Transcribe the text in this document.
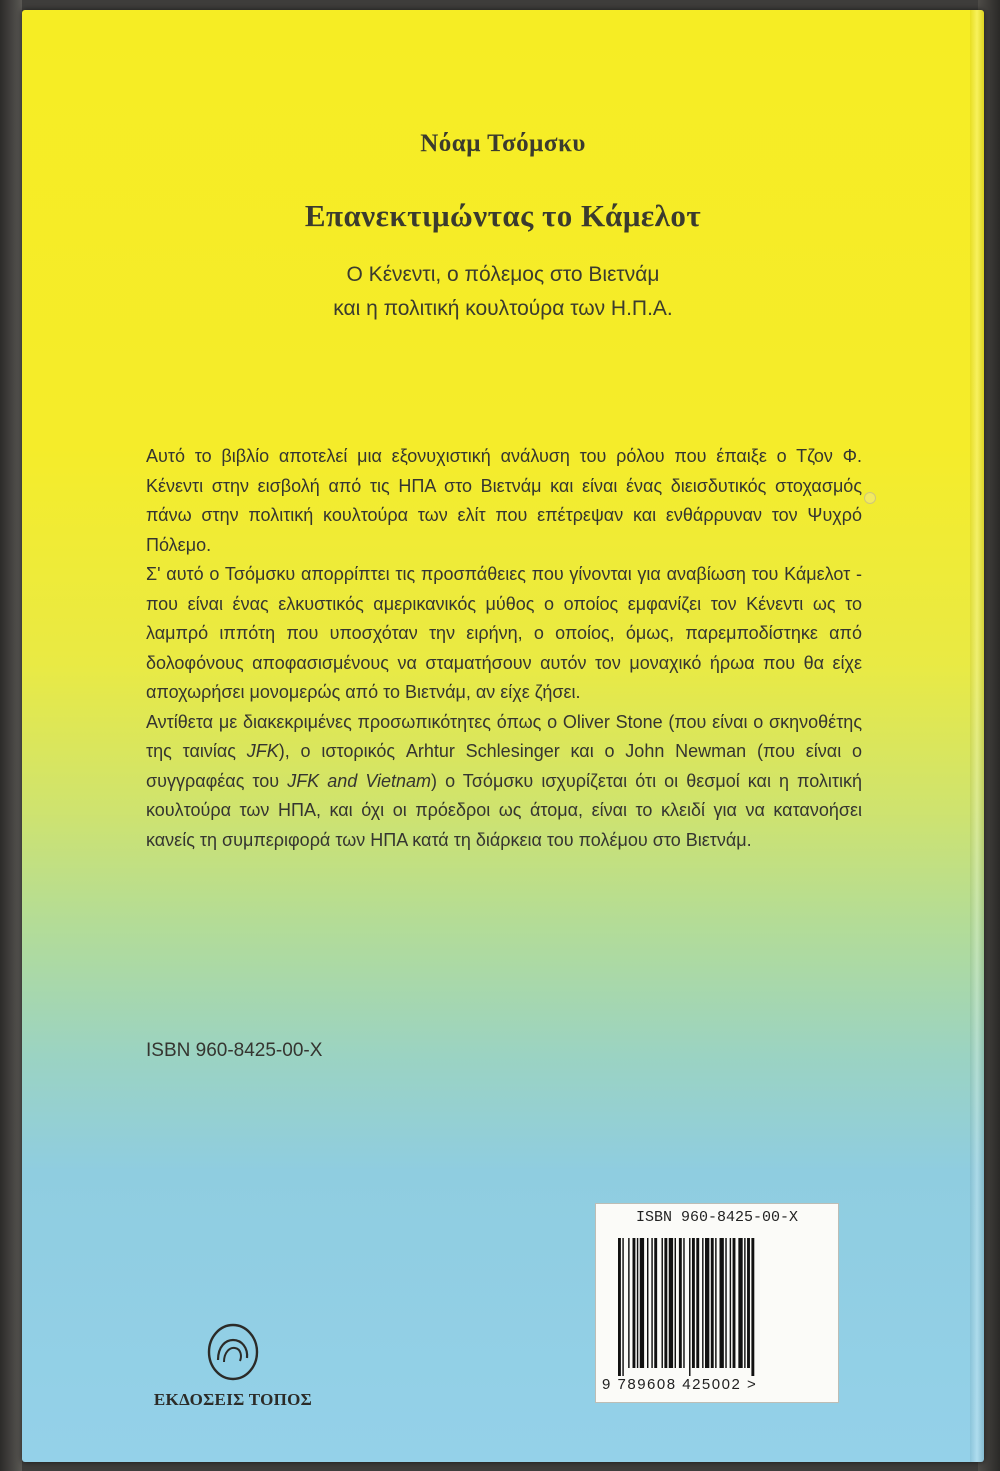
Νόαμ Τσόμσκυ
Επανεκτιμώντας το Κάμελοτ
Ο Κένεντι, ο πόλεμος στο Βιετνάμ
και η πολιτική κουλτούρα των Η.Π.Α.

Αυτό το βιβλίο αποτελεί μια εξονυχιστική ανάλυση του ρόλου που έπαιξε ο Τζον Φ. Κένεντι στην εισβολή από τις ΗΠΑ στο Βιετνάμ και είναι ένας διεισδυτικός στοχασμός πάνω στην πολιτική κουλτούρα των ελίτ που επέτρεψαν και ενθάρρυναν τον Ψυχρό Πόλεμο.

Σ' αυτό ο Τσόμσκυ απορρίπτει τις προσπάθειες που γίνονται για αναβίωση του Κάμελοτ - που είναι ένας ελκυστικός αμερικανικός μύθος ο οποίος εμφανίζει τον Κένεντι ως το λαμπρό ιππότη που υποσχόταν την ειρήνη, ο οποίος, όμως, παρεμποδίστηκε από δολοφόνους αποφασισμένους να σταματήσουν αυτόν τον μοναχικό ήρωα που θα είχε αποχωρήσει μονομερώς από το Βιετνάμ, αν είχε ζήσει.

Αντίθετα με διακεκριμένες προσωπικότητες όπως ο Oliver Stone (που είναι ο σκηνοθέτης της ταινίας JFK), ο ιστορικός Arhtur Schlesinger και ο John Newman (που είναι ο συγγραφέας του JFK and Vietnam) ο Τσόμσκυ ισχυρίζεται ότι οι θεσμοί και η πολιτική κουλτούρα των ΗΠΑ, και όχι οι πρόεδροι ως άτομα, είναι το κλειδί για να κατανοήσει κανείς τη συμπεριφορά των ΗΠΑ κατά τη διάρκεια του πολέμου στο Βιετνάμ.

ISBN 960-8425-00-X
ISBN 960-8425-00-X
9 789608 425002 >
ΕΚΔΟΣΕΙΣ ΤΟΠΟΣ
